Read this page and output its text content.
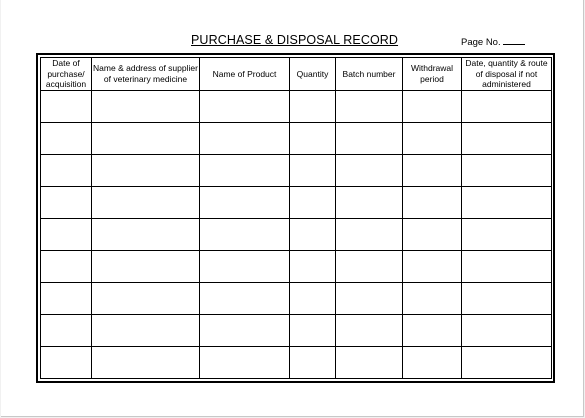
PURCHASE & DISPOSAL RECORD	Page No.
Date of purchase/ acquisition	Name & address of supplier of veterinary medicine	Name of Product	Quantity	Batch number	Withdrawal period	Date, quantity & route of disposal if not administered
